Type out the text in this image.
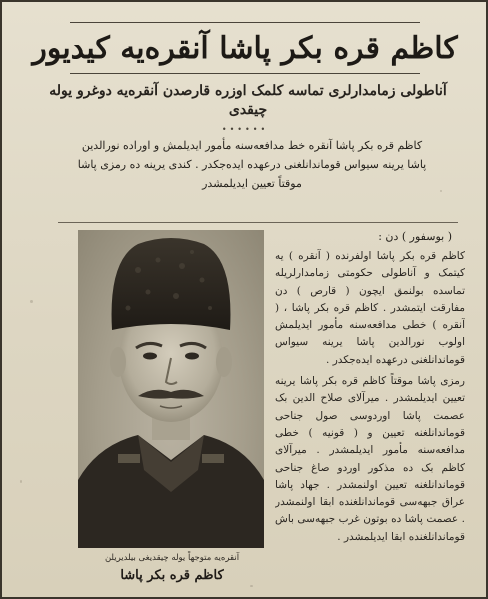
کاظم قره بکر پاشا آنقره‌یه کیدیور
آناطولی زمامدارلری تماسه کلمک اوزره قارصدن آنقره‌یه دوغرو یوله چیقدی
••••••
کاظم قره بکر پاشا آنقره خط مدافعه‌سنه مأمور ایدیلمش و اوراده نورالدین پاشا یرینه سیواس قوماندانلغنی درعهده ایده‌جکدر . کندی یرینه ده رمزی پاشا موقتاً تعیین ایدیلمشدر
( بوسفور ) دن :

کاظم قره بکر پاشا اولفرنده ( آنقره ) یه کیتمک و آناطولی حکومتی زمامدارلریله تماسده بولنمق ایچون ( قارص ) دن مفارقت ایتمشدر . کاظم قره بکر پاشا ، ( آنقره ) خطی مدافعه‌سنه مأمور ایدیلمش اولوب نورالدین پاشا یرینه سیواس قوماندانلغنی درعهده ایده‌جکدر .

رمزی پاشا موقتاً کاظم قره بکر پاشا یرینه تعیین ایدیلمشدر . میرآلای صلاح الدین بک عصمت پاشا اوردوسی صول جناحی قوماندانلغنه تعیین و ( قونیه ) خطی مدافعه‌سنه مأمور ایدیلمشدر . میرآلای کاظم بک ده مذکور اوردو صاغ جناحی قوماندانلغنه تعیین اولنمشدر . جهاد پاشا عراق جبهه‌سی قوماندانلغنده ابقا اولنمشدر . عصمت پاشا ده بوتون غرب جبهه‌سی باش قوماندانلغنده ابقا ایدیلمشدر .

آنقره‌یه متوجهاً یوله چیقدیغی بیلدیریلن
کاظم قره بکر پاشا
